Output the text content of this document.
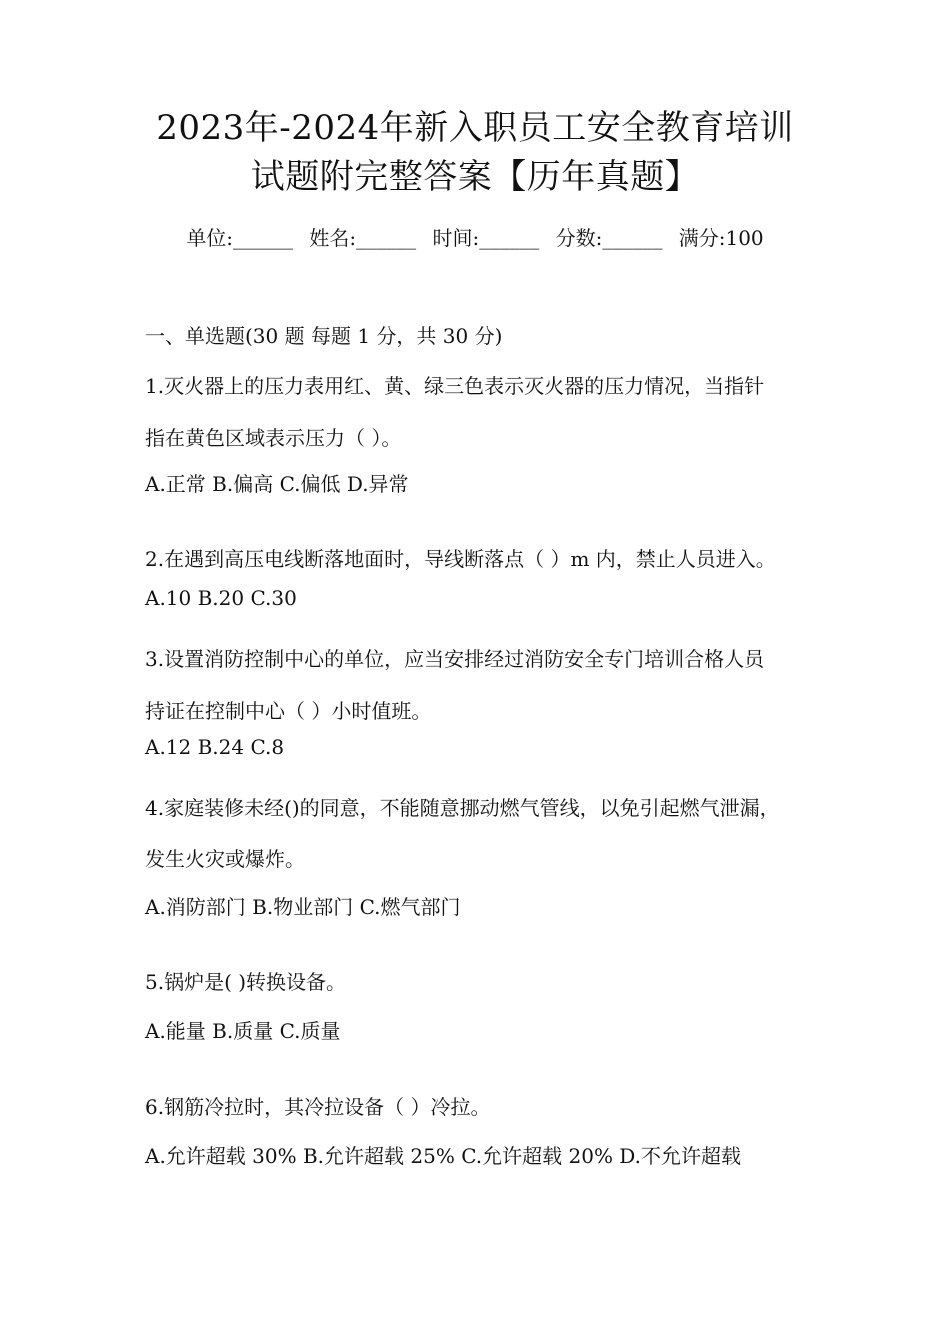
2023年-2024年新入职员工安全教育培训
试题附完整答案【历年真题】
单位:______ 姓名:______ 时间:______ 分数:______ 满分:100
一、单选题(30 题 每题 1 分，共 30 分)
1.灭火器上的压力表用红、黄、绿三色表示灭火器的压力情况，当指针
指在黄色区域表示压力（ ）。
A.正常 B.偏高 C.偏低 D.异常
2.在遇到高压电线断落地面时，导线断落点（ ）m 内，禁止人员进入。
A.10 B.20 C.30
3.设置消防控制中心的单位，应当安排经过消防安全专门培训合格人员
持证在控制中心（ ）小时值班。
A.12 B.24 C.8
4.家庭装修未经()的同意，不能随意挪动燃气管线，以免引起燃气泄漏，
发生火灾或爆炸。
A.消防部门 B.物业部门 C.燃气部门
5.锅炉是( )转换设备。
A.能量 B.质量 C.质量
6.钢筋冷拉时，其冷拉设备（ ）冷拉。
A.允许超载 30% B.允许超载 25% C.允许超载 20% D.不允许超载
